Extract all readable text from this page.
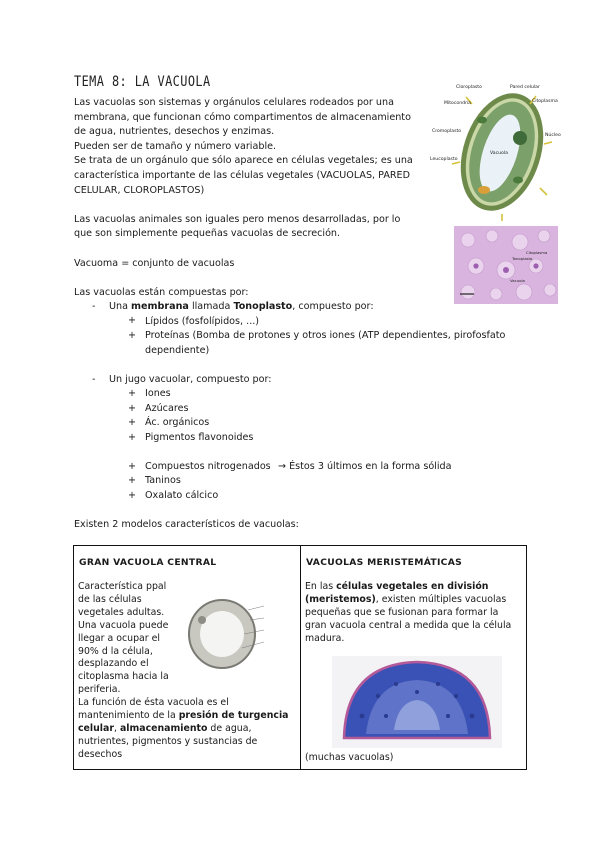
TEMA 8: LA VACUOLA
Las vacuolas son sistemas y orgánulos celulares rodeados por una
membrana, que funcionan cómo compartimentos de almacenamiento
de agua, nutrientes, desechos y enzimas.
Pueden ser de tamaño y número variable.
Se trata de un orgánulo que sólo aparece en células vegetales; es una
característica importante de las células vegetales (VACUOLAS, PARED
CELULAR, CLOROPLASTOS)
Las vacuolas animales son iguales pero menos desarrolladas, por lo
que son simplemente pequeñas vacuolas de secreción.
Vacuoma = conjunto de vacuolas
Las vacuolas están compuestas por:
- Una membrana llamada Tonoplasto, compuesto por:
+ Lípidos (fosfolípidos, ...)
+ Proteínas (Bomba de protones y otros iones (ATP dependientes, pirofosfato
dependiente)
- Un jugo vacuolar, compuesto por:
+ Iones
+ Azúcares
+ Ác. orgánicos
+ Pigmentos flavonoides
+ Compuestos nitrogenados → Éstos 3 últimos en la forma sólida
+ Taninos
+ Oxalato cálcico
Existen 2 modelos característicos de vacuolas:
Cloroplasto	Pared celular
Mitocondria	Citoplasma
Cromoplasto
Vacuola
Núcleo
Leucoplasto
Tonoplasto
Vacuola
Citoplasma
GRAN VACUOLA CENTRAL
Característica ppal
de las células
vegetales adultas.
Una vacuola puede
llegar a ocupar el
90% d la célula,
desplazando el
citoplasma hacia la
periferia.
La función de ésta vacuola es el
mantenimiento de la presión de turgencia
celular, almacenamiento de agua,
nutrientes, pigmentos y sustancias de
desechos
VACUOLAS MERISTEMÁTICAS
En las células vegetales en división
(meristemos), existen múltiples vacuolas
pequeñas que se fusionan para formar la
gran vacuola central a medida que la célula
madura.
(muchas vacuolas)
